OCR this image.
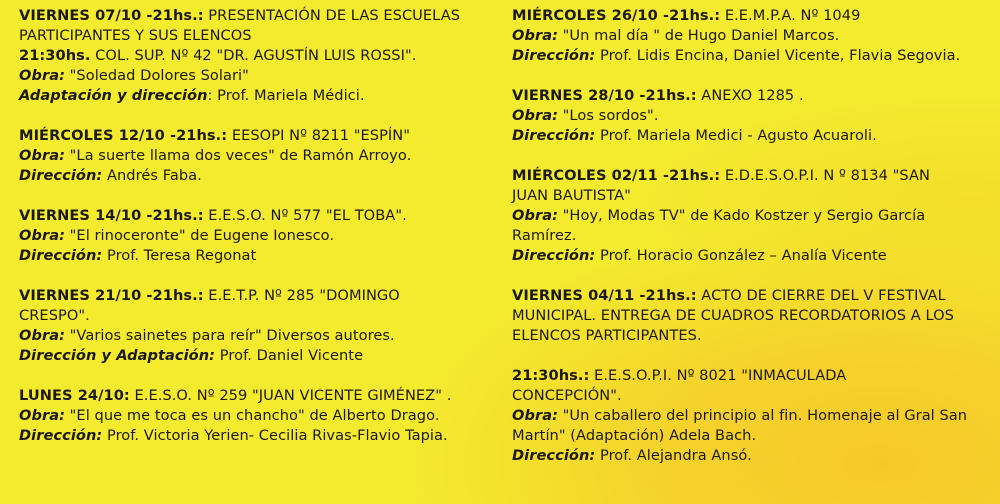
VIERNES 07/10 -21hs.: PRESENTACIÓN DE LAS ESCUELAS
PARTICIPANTES Y SUS ELENCOS
21:30hs. COL. SUP. Nº 42 "DR. AGUSTÍN LUIS ROSSI".
Obra: "Soledad Dolores Solari"
Adaptación y dirección: Prof. Mariela Médici.
MIÉRCOLES 12/10 -21hs.: EESOPI Nº 8211 "ESPÍN"
Obra: "La suerte llama dos veces" de Ramón Arroyo.
Dirección: Andrés Faba.
VIERNES 14/10 -21hs.: E.E.S.O. Nº 577 "EL TOBA".
Obra: "El rinoceronte" de Eugene Ionesco.
Dirección: Prof. Teresa Regonat
VIERNES 21/10 -21hs.: E.E.T.P. Nº 285 "DOMINGO
CRESPO".
Obra: "Varios sainetes para reír" Diversos autores.
Dirección y Adaptación: Prof. Daniel Vicente
LUNES 24/10: E.E.S.O. Nº 259 "JUAN VICENTE GIMÉNEZ" .
Obra: "El que me toca es un chancho" de Alberto Drago.
Dirección: Prof. Victoria Yerien- Cecilia Rivas-Flavio Tapia.
MIÉRCOLES 26/10 -21hs.: E.E.M.P.A. Nº 1049
Obra: "Un mal día " de Hugo Daniel Marcos.
Dirección: Prof. Lidis Encina, Daniel Vicente, Flavia Segovia.
VIERNES 28/10 -21hs.: ANEXO 1285 .
Obra: "Los sordos".
Dirección: Prof. Mariela Medici - Agusto Acuaroli.
MIÉRCOLES 02/11 -21hs.: E.D.E.S.O.P.I. N º 8134 "SAN
JUAN BAUTISTA"
Obra: "Hoy, Modas TV" de Kado Kostzer y Sergio García
Ramírez.
Dirección: Prof. Horacio González – Analía Vicente
VIERNES 04/11 -21hs.: ACTO DE CIERRE DEL V FESTIVAL
MUNICIPAL. ENTREGA DE CUADROS RECORDATORIOS A LOS
ELENCOS PARTICIPANTES.
21:30hs.: E.E.S.O.P.I. Nº 8021 "INMACULADA
CONCEPCIÓN".
Obra: "Un caballero del principio al fin. Homenaje al Gral San
Martín" (Adaptación) Adela Bach.
Dirección: Prof. Alejandra Ansó.
